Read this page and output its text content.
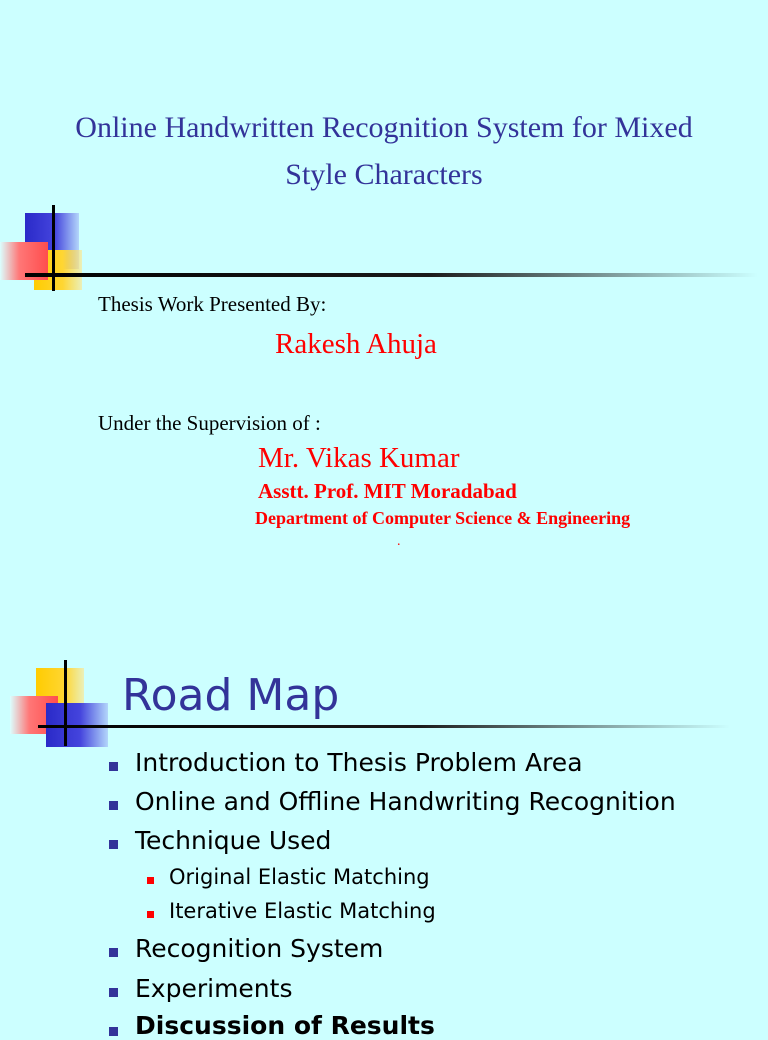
Online Handwritten Recognition System for Mixed
Style Characters
Thesis Work Presented By:
Rakesh Ahuja
Under the Supervision of :
Mr. Vikas Kumar
Asstt. Prof. MIT Moradabad
Department of Computer Science & Engineering
.
Road Map
Introduction to Thesis Problem Area
Online and Offline Handwriting Recognition
Technique Used
Original Elastic Matching
Iterative Elastic Matching
Recognition System
Experiments
Discussion of Results
